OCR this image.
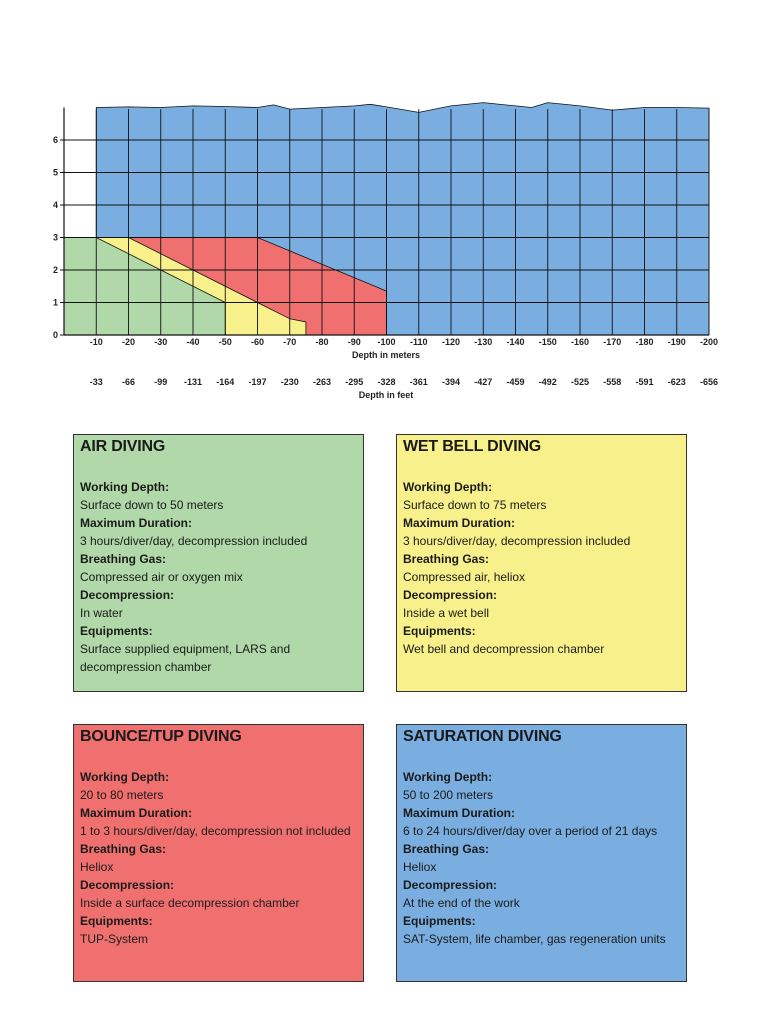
0
1
2
3
4
5
6
-10
-33
-20
-66
-30
-99
-40
-131
-50
-164
-60
-197
-70
-230
-80
-263
-90
-295
-100
-328
-110
-361
-120
-394
-130
-427
-140
-459
-150
-492
-160
-525
-170
-558
-180
-591
-190
-623
-200
-656
Depth in meters
Depth in feet
AIR DIVING
Working Depth:
Surface down to 50 meters
Maximum Duration:
3 hours/diver/day, decompression included
Breathing Gas:
Compressed air or oxygen mix
Decompression:
In water
Equipments:
Surface supplied equipment, LARS and decompression chamber
WET BELL DIVING
Working Depth:
Surface down to 75 meters
Maximum Duration:
3 hours/diver/day, decompression included
Breathing Gas:
Compressed air, heliox
Decompression:
Inside a wet bell
Equipments:
Wet bell and decompression chamber
BOUNCE/TUP DIVING
Working Depth:
20 to 80 meters
Maximum Duration:
1 to 3 hours/diver/day, decompression not included
Breathing Gas:
Heliox
Decompression:
Inside a surface decompression chamber
Equipments:
TUP-System
SATURATION DIVING
Working Depth:
50 to 200 meters
Maximum Duration:
6 to 24 hours/diver/day over a period of 21 days
Breathing Gas:
Heliox
Decompression:
At the end of the work
Equipments:
SAT-System, life chamber, gas regeneration units
